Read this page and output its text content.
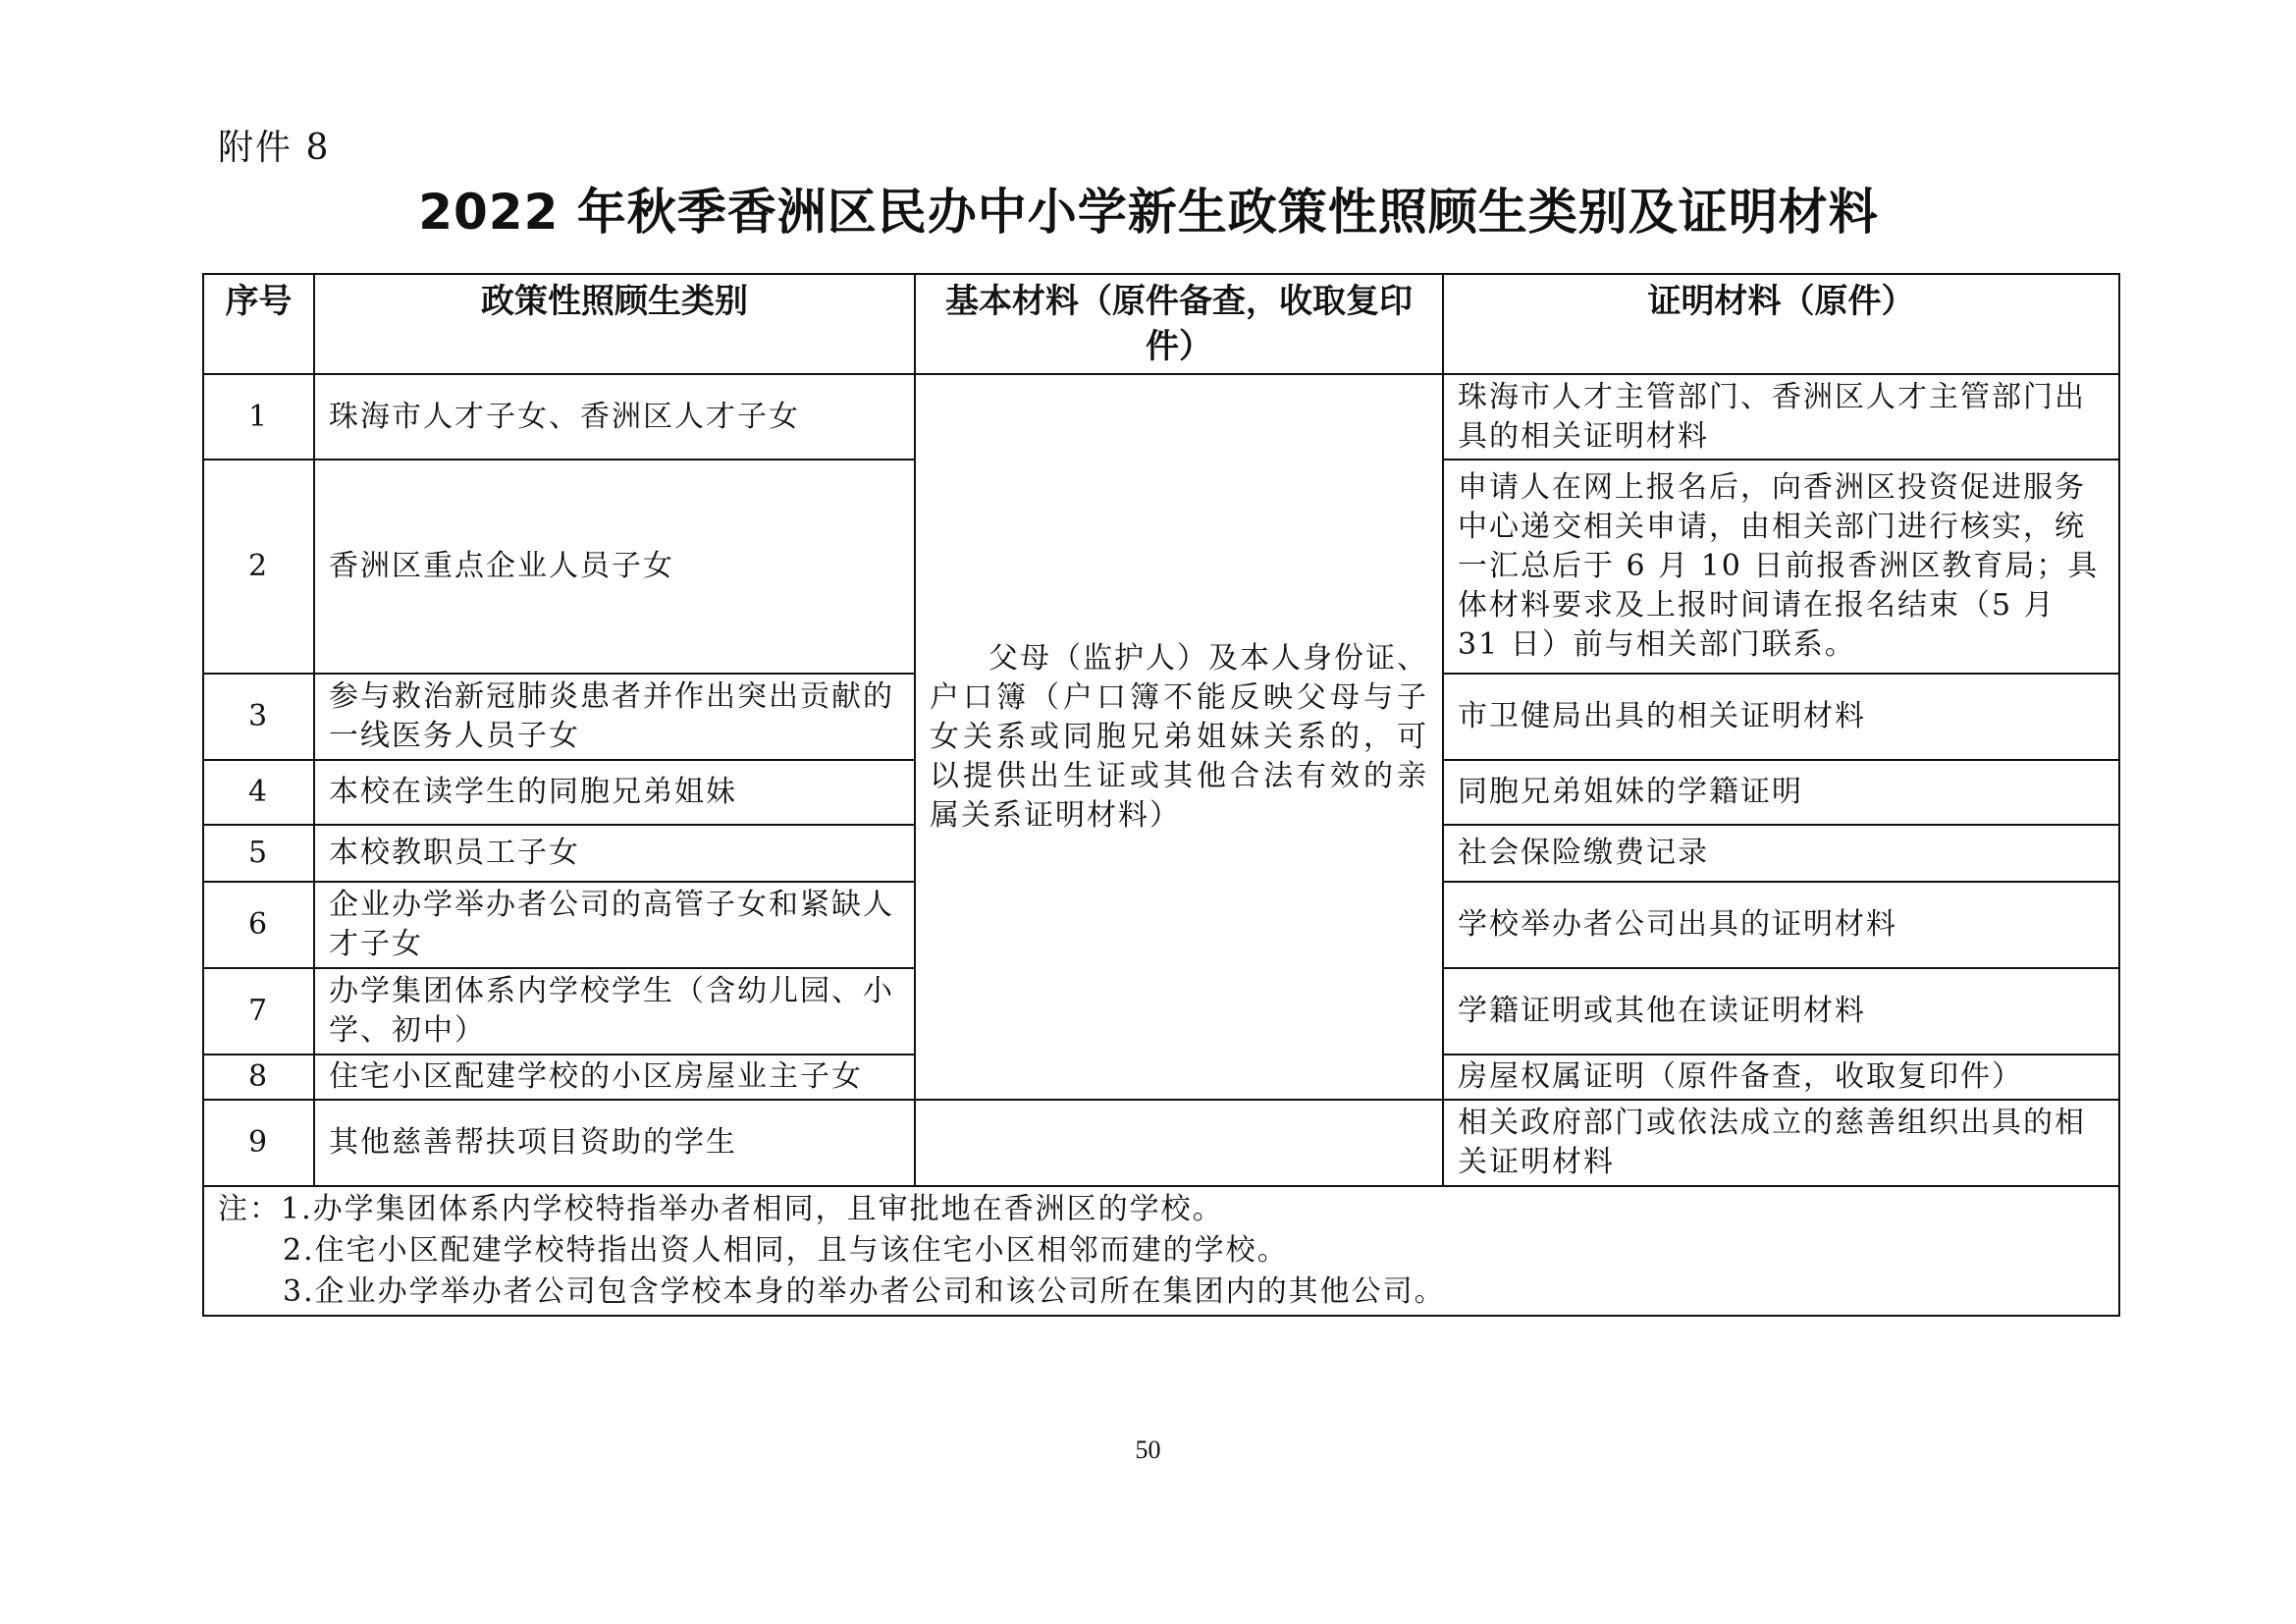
附件 8
2022 年秋季香洲区民办中小学新生政策性照顾生类别及证明材料
序号	政策性照顾生类别	基本材料（原件备查，收取复印件）	证明材料（原件）
1	珠海市人才子女、香洲区人才子女	父母（监护人）及本人身份证、户口簿（户口簿不能反映父母与子女关系或同胞兄弟姐妹关系的，可以提供出生证或其他合法有效的亲属关系证明材料）	珠海市人才主管部门、香洲区人才主管部门出具的相关证明材料
2	香洲区重点企业人员子女		申请人在网上报名后，向香洲区投资促进服务中心递交相关申请，由相关部门进行核实，统一汇总后于 6 月 10 日前报香洲区教育局；具体材料要求及上报时间请在报名结束（5 月 31 日）前与相关部门联系。
3	参与救治新冠肺炎患者并作出突出贡献的一线医务人员子女		市卫健局出具的相关证明材料
4	本校在读学生的同胞兄弟姐妹		同胞兄弟姐妹的学籍证明
5	本校教职员工子女		社会保险缴费记录
6	企业办学举办者公司的高管子女和紧缺人才子女		学校举办者公司出具的证明材料
7	办学集团体系内学校学生（含幼儿园、小学、初中）		学籍证明或其他在读证明材料
8	住宅小区配建学校的小区房屋业主子女		房屋权属证明（原件备查，收取复印件）
9	其他慈善帮扶项目资助的学生		相关政府部门或依法成立的慈善组织出具的相关证明材料

注：1.办学集团体系内学校特指举办者相同，且审批地在香洲区的学校。
2.住宅小区配建学校特指出资人相同，且与该住宅小区相邻而建的学校。
3.企业办学举办者公司包含学校本身的举办者公司和该公司所在集团内的其他公司。			
50
